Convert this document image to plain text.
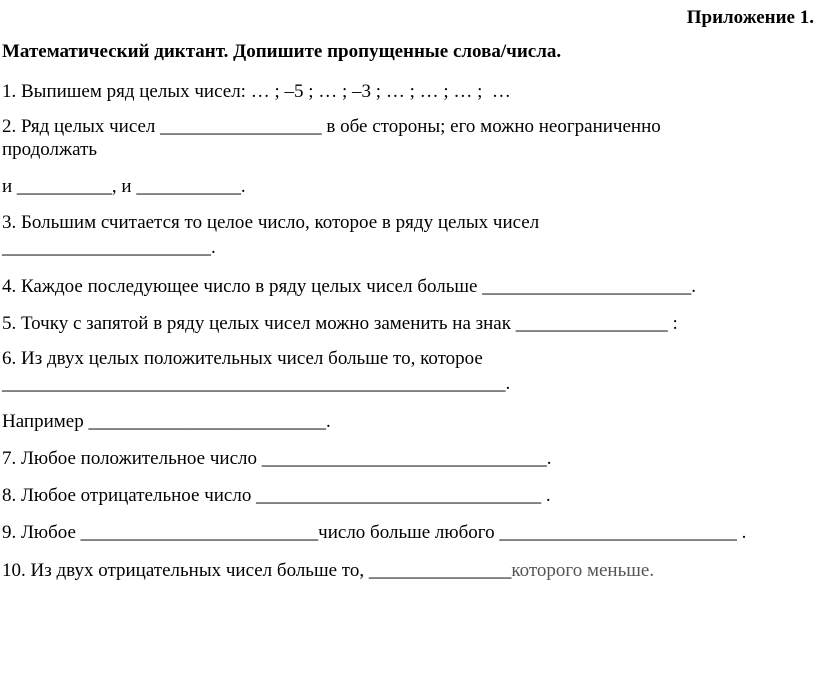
Приложение 1.
Математический диктант. Допишите пропущенные слова/числа.
1. Выпишем ряд целых чисел: … ; –5 ; … ; –3 ; … ; … ; … ;  …
2. Ряд целых чисел _________________ в обе стороны; его можно неограниченно
продолжать
и __________, и ___________.
3. Большим считается то целое число, которое в ряду целых чисел
______________________.
4. Каждое последующее число в ряду целых чисел больше ______________________.
5. Точку с запятой в ряду целых чисел можно заменить на знак ________________ :
6. Из двух целых положительных чисел больше то, которое
_____________________________________________________.
Например _________________________.
7. Любое положительное число ______________________________.
8. Любое отрицательное число ______________________________ .
9. Любое _________________________число больше любого _________________________ .
10. Из двух отрицательных чисел больше то, _______________которого меньше.
